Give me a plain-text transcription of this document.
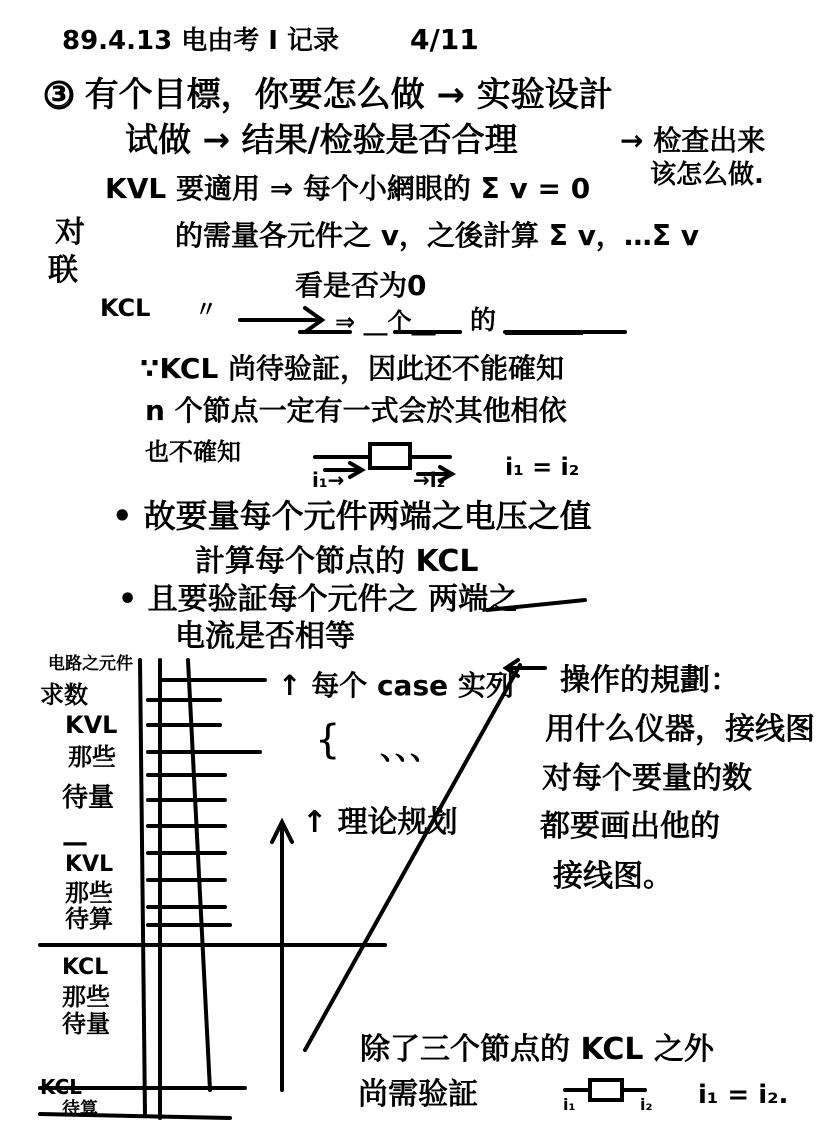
89.4.13 电由考 I 记录	4/11
③ 有个目標，你要怎么做 → 实验设計
试做 → 结果/检验是否合理	→ 检查出来
该怎么做.
KVL 要適用 ⇒ 每个小網眼的 Σ v = 0
对
联
的需量各元件之 v，之後計算 Σ v，…Σ v
看是否为0
KCL 〃	⇒ __个__ 的 ______
∵KCL 尚待验証，因此还不能確知
n 个節点一定有一式会於其他相依
也不確知
i₁→	→i₂ i₁ = i₂
• 故要量每个元件两端之电压之值
計算每个節点的 KCL
• 且要验証每个元件之 两端之
电流是否相等
电路之元件
求数
KVL
那些
待量
KVL
那些
待算
KCL
那些
待量
KCL
待算
—
↑ 每个 case 实列
{ 、、、
↑ 理论规划
操作的規劃：
用什么仪器，接线图
对每个要量的数
都要画出他的
接线图。
除了三个節点的 KCL 之外
尚需验証	i₁	i₂ i₁ = i₂.
